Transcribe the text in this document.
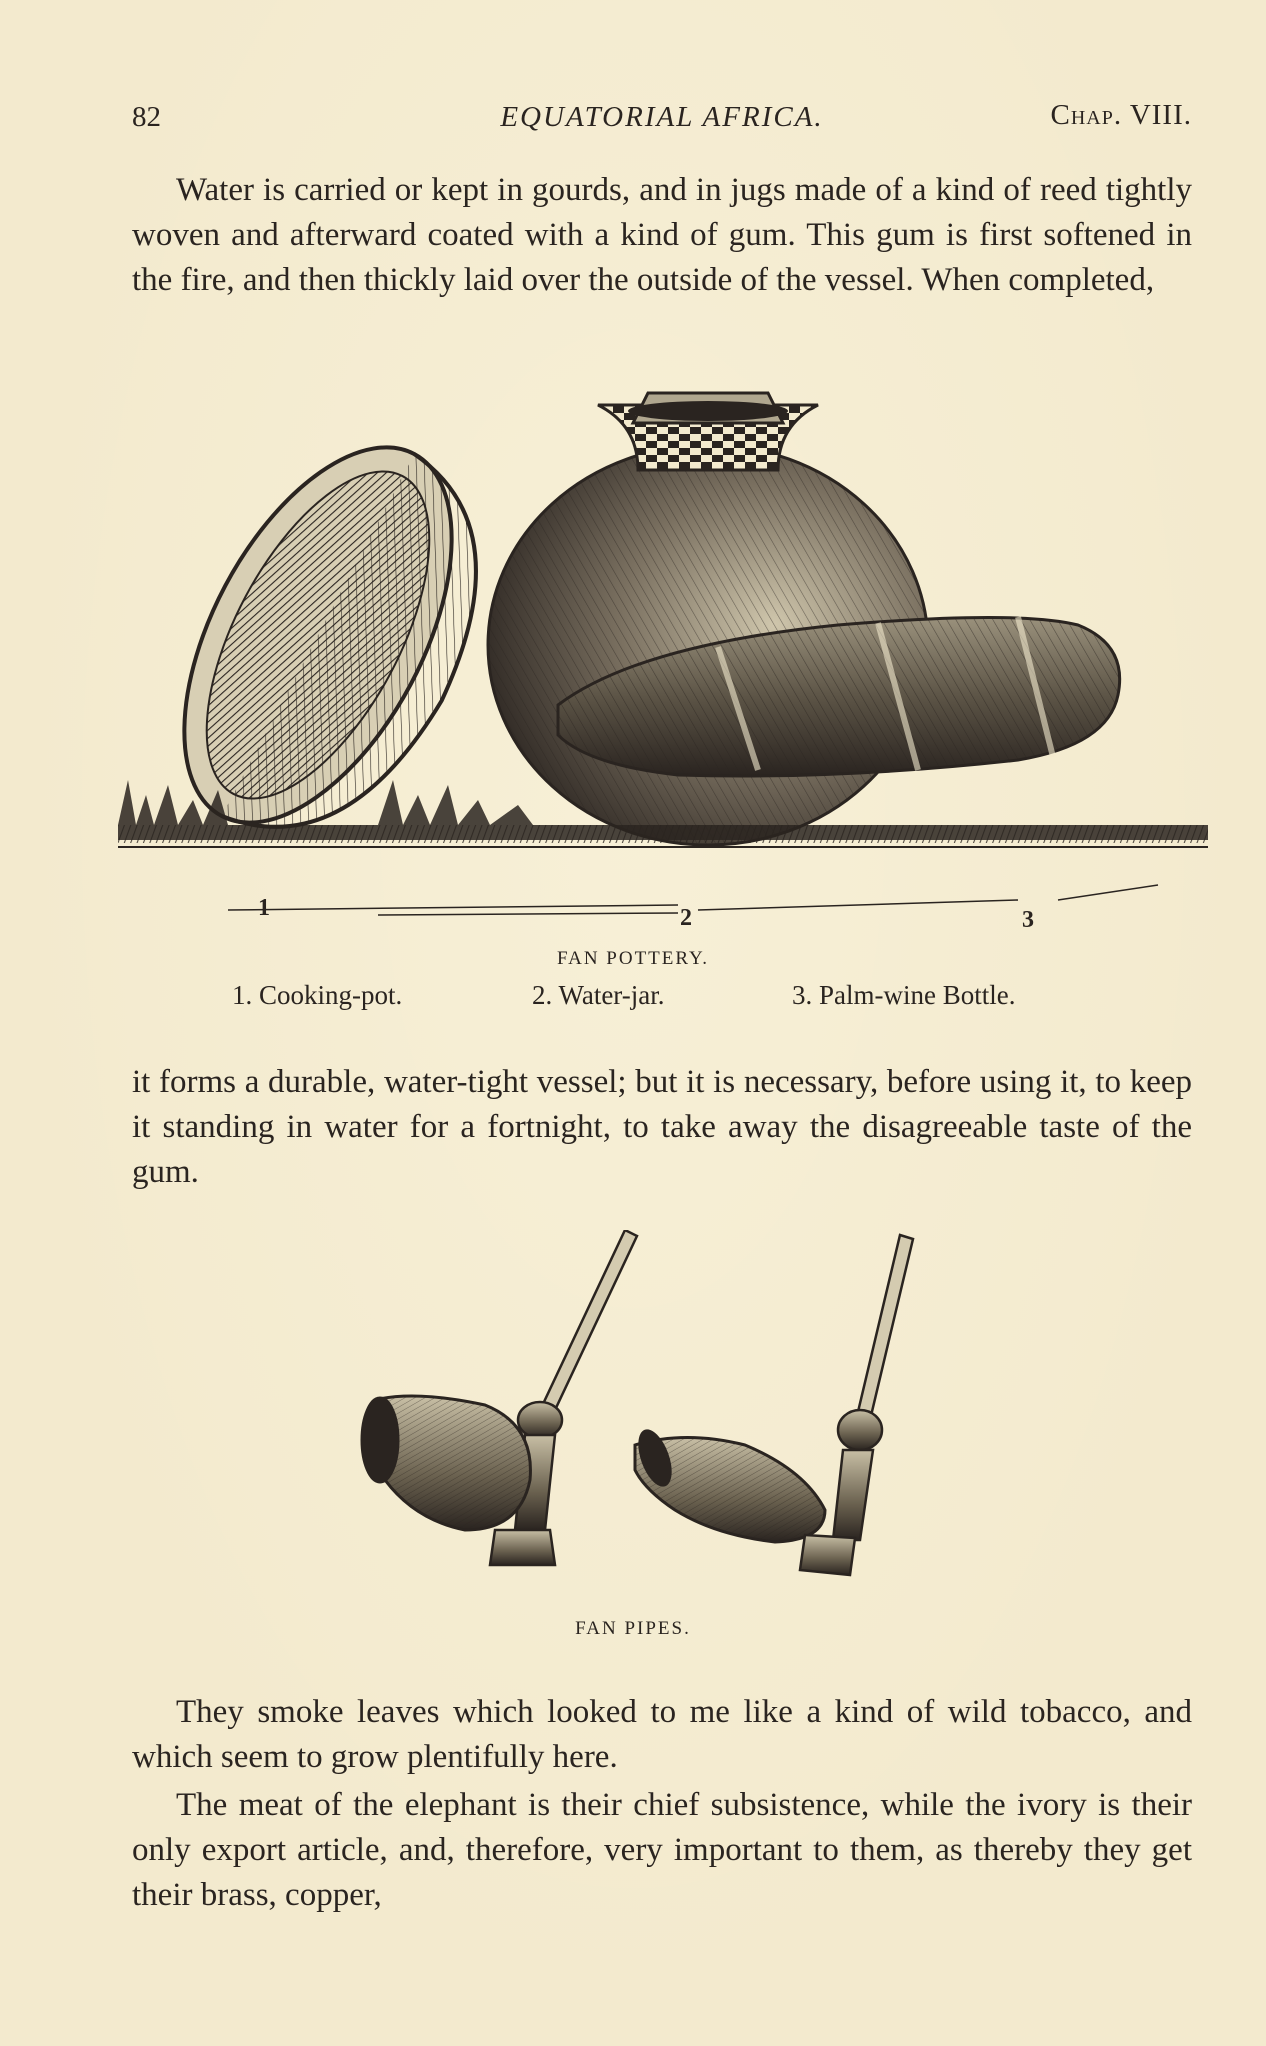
82	EQUATORIAL AFRICA.	Chap. VIII.

Water is carried or kept in gourds, and in jugs made of a kind of reed tightly woven and afterward coated with a kind of gum. This gum is first softened in the fire, and then thickly laid over the outside of the vessel. When completed,

1	2	3
FAN POTTERY.
1. Cooking-pot.	2. Water-jar.	3. Palm-wine Bottle.

it forms a durable, water-tight vessel; but it is necessary, before using it, to keep it standing in water for a fortnight, to take away the disagreeable taste of the gum.

FAN PIPES.

They smoke leaves which looked to me like a kind of wild tobacco, and which seem to grow plentifully here.

The meat of the elephant is their chief subsistence, while the ivory is their only export article, and, therefore, very important to them, as thereby they get their brass, copper,
